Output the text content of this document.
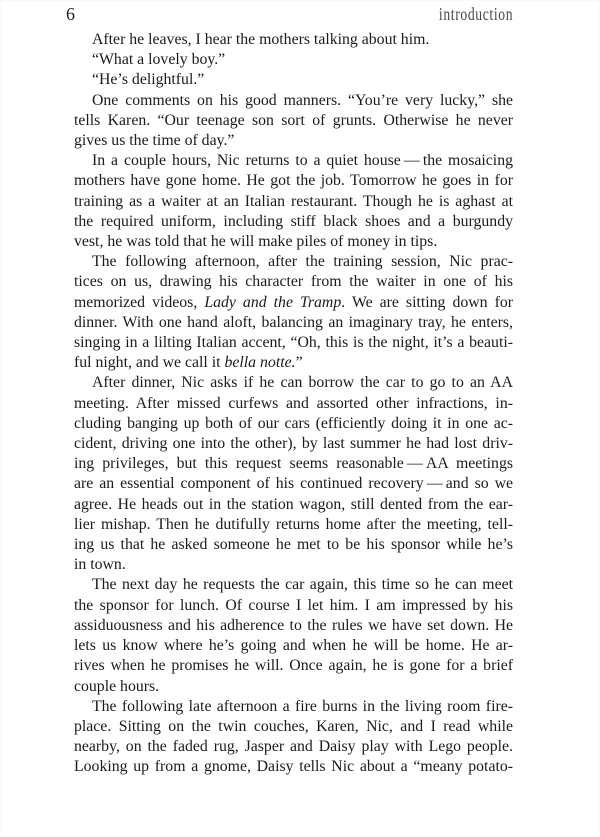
6	introduction
After he leaves, I hear the mothers talking about him.
“What a lovely boy.”
“He’s delightful.”
One comments on his good manners. “You’re very lucky,” she
tells Karen. “Our teenage son sort of grunts. Otherwise he never
gives us the time of day.”
In a couple hours, Nic returns to a quiet house — the mosaicing
mothers have gone home. He got the job. Tomorrow he goes in for
training as a waiter at an Italian restaurant. Though he is aghast at
the required uniform, including stiff black shoes and a burgundy
vest, he was told that he will make piles of money in tips.
The following afternoon, after the training session, Nic prac-
tices on us, drawing his character from the waiter in one of his
memorized videos, Lady and the Tramp. We are sitting down for
dinner. With one hand aloft, balancing an imaginary tray, he enters,
singing in a lilting Italian accent, “Oh, this is the night, it’s a beauti-
ful night, and we call it bella notte.”
After dinner, Nic asks if he can borrow the car to go to an AA
meeting. After missed curfews and assorted other infractions, in-
cluding banging up both of our cars (efficiently doing it in one ac-
cident, driving one into the other), by last summer he had lost driv-
ing privileges, but this request seems reasonable — AA meetings
are an essential component of his continued recovery — and so we
agree. He heads out in the station wagon, still dented from the ear-
lier mishap. Then he dutifully returns home after the meeting, tell-
ing us that he asked someone he met to be his sponsor while he’s
in town.
The next day he requests the car again, this time so he can meet
the sponsor for lunch. Of course I let him. I am impressed by his
assiduousness and his adherence to the rules we have set down. He
lets us know where he’s going and when he will be home. He ar-
rives when he promises he will. Once again, he is gone for a brief
couple hours.
The following late afternoon a fire burns in the living room fire-
place. Sitting on the twin couches, Karen, Nic, and I read while
nearby, on the faded rug, Jasper and Daisy play with Lego people.
Looking up from a gnome, Daisy tells Nic about a “meany potato-
